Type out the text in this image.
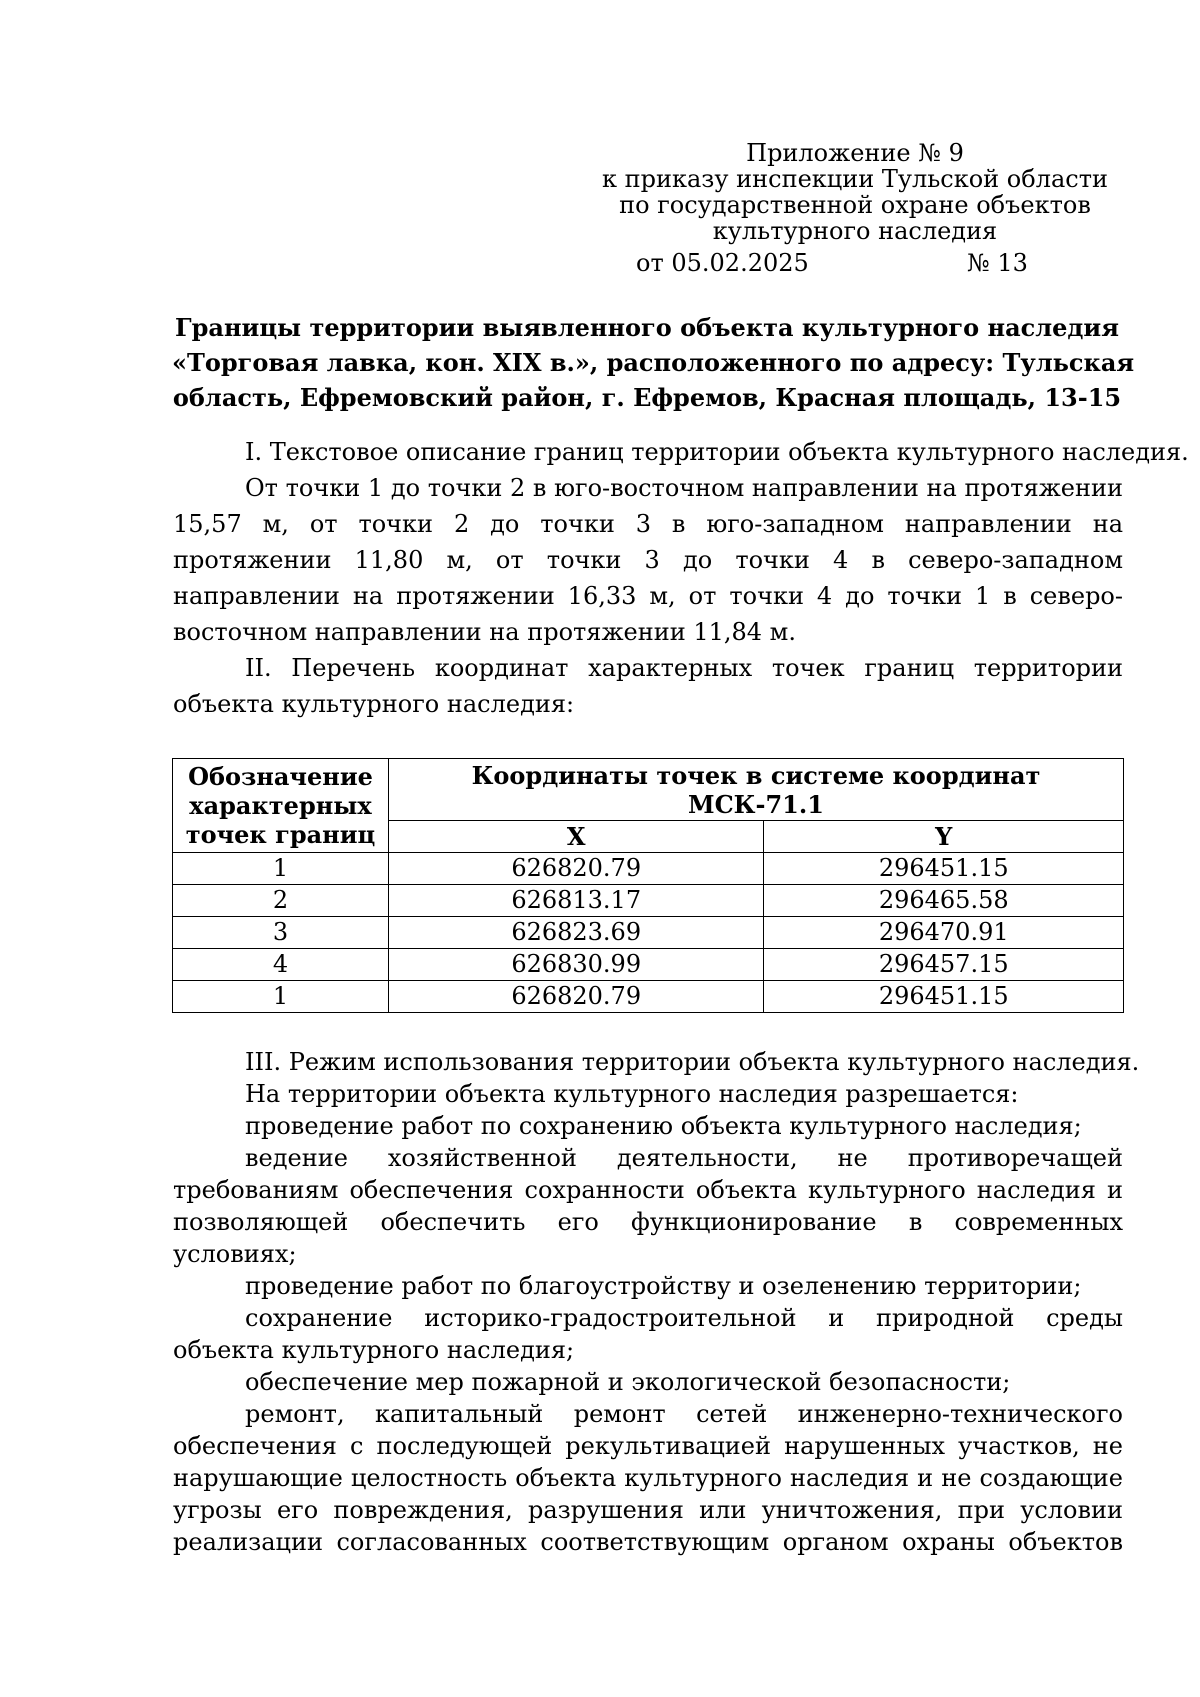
Приложение № 9
к приказу инспекции Тульской области
по государственной охране объектов
культурного наследия
от 05.02.2025	№ 13
Границы территории выявленного объекта культурного наследия
«Торговая лавка, кон. XIX в.», расположенного по адресу: Тульская
область, Ефремовский район, г. Ефремов, Красная площадь, 13-15
I. Текстовое описание границ территории объекта культурного наследия.
От точки 1 до точки 2 в юго-восточном направлении на протяжении 15,57 м, от точки 2 до точки 3 в юго-западном направлении на протяжении 11,80 м, от точки 3 до точки 4 в северо-западном направлении на протяжении 16,33 м, от точки 4 до точки 1 в северо-восточном направлении на протяжении 11,84 м.
II. Перечень координат характерных точек границ территории объекта культурного наследия:
Обозначение характерных точек границ	Координаты точек в системе координат
МСК-71.1	

	X	Y
1	626820.79	296451.15
2	626813.17	296465.58
3	626823.69	296470.91
4	626830.99	296457.15
1	626820.79	296451.15
III. Режим использования территории объекта культурного наследия.
На территории объекта культурного наследия разрешается:
проведение работ по сохранению объекта культурного наследия;
ведение хозяйственной деятельности, не противоречащей требованиям обеспечения сохранности объекта культурного наследия и позволяющей обеспечить его функционирование в современных условиях;
проведение работ по благоустройству и озеленению территории;
сохранение историко-градостроительной и природной среды объекта культурного наследия;
обеспечение мер пожарной и экологической безопасности;
ремонт, капитальный ремонт сетей инженерно-технического обеспечения с последующей рекультивацией нарушенных участков, не нарушающие целостность объекта культурного наследия и не создающие угрозы его повреждения, разрушения или уничтожения, при условии реализации согласованных соответствующим органом охраны объектов
